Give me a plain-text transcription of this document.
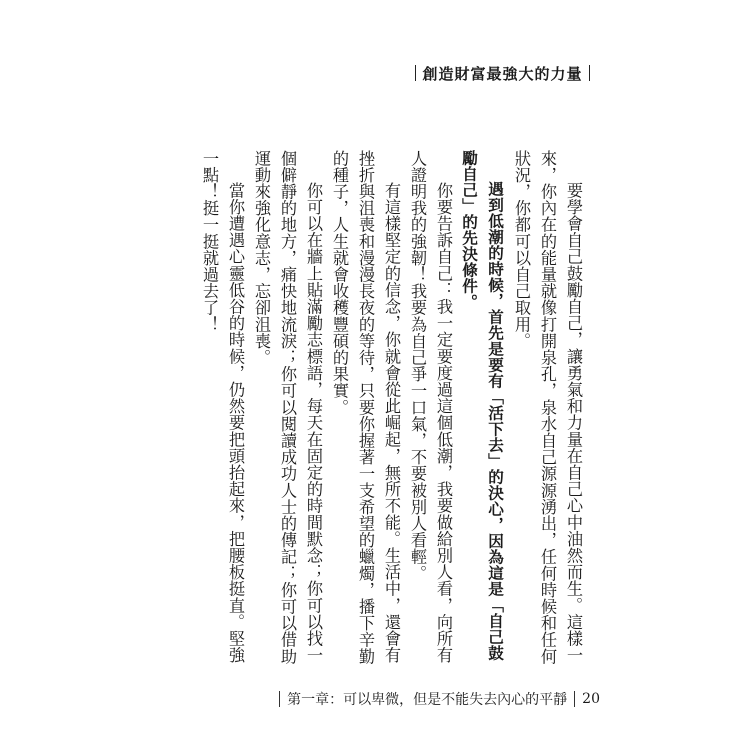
創造財富最強大的力量

要學會自己鼓勵自己，讓勇氣和力量在自己心中油然而生。這樣一來，你內在的能量就像打開泉孔，泉水自己源源湧出，任何時候和任何狀況，你都可以自己取用。

遇到低潮的時候，首先是要有「活下去」的決心，因為這是「自己鼓勵自己」的先決條件。

你要告訴自己：我一定要度過這個低潮，我要做給別人看，向所有人證明我的強韌！我要為自己爭一口氣，不要被別人看輕。

有這樣堅定的信念，你就會從此崛起，無所不能。生活中，還會有挫折與沮喪和漫漫長夜的等待，只要你握著一支希望的蠟燭，播下辛勤的種子，人生就會收穫豐碩的果實。

你可以在牆上貼滿勵志標語，每天在固定的時間默念；你可以找一個僻靜的地方，痛快地流淚；你可以閱讀成功人士的傳記；你可以借助運動來強化意志，忘卻沮喪。

當你遭遇心靈低谷的時候，仍然要把頭抬起來，把腰板挺直。堅強一點！挺一挺就過去了！

第一章：可以卑微，但是不能失去內心的平靜 20
